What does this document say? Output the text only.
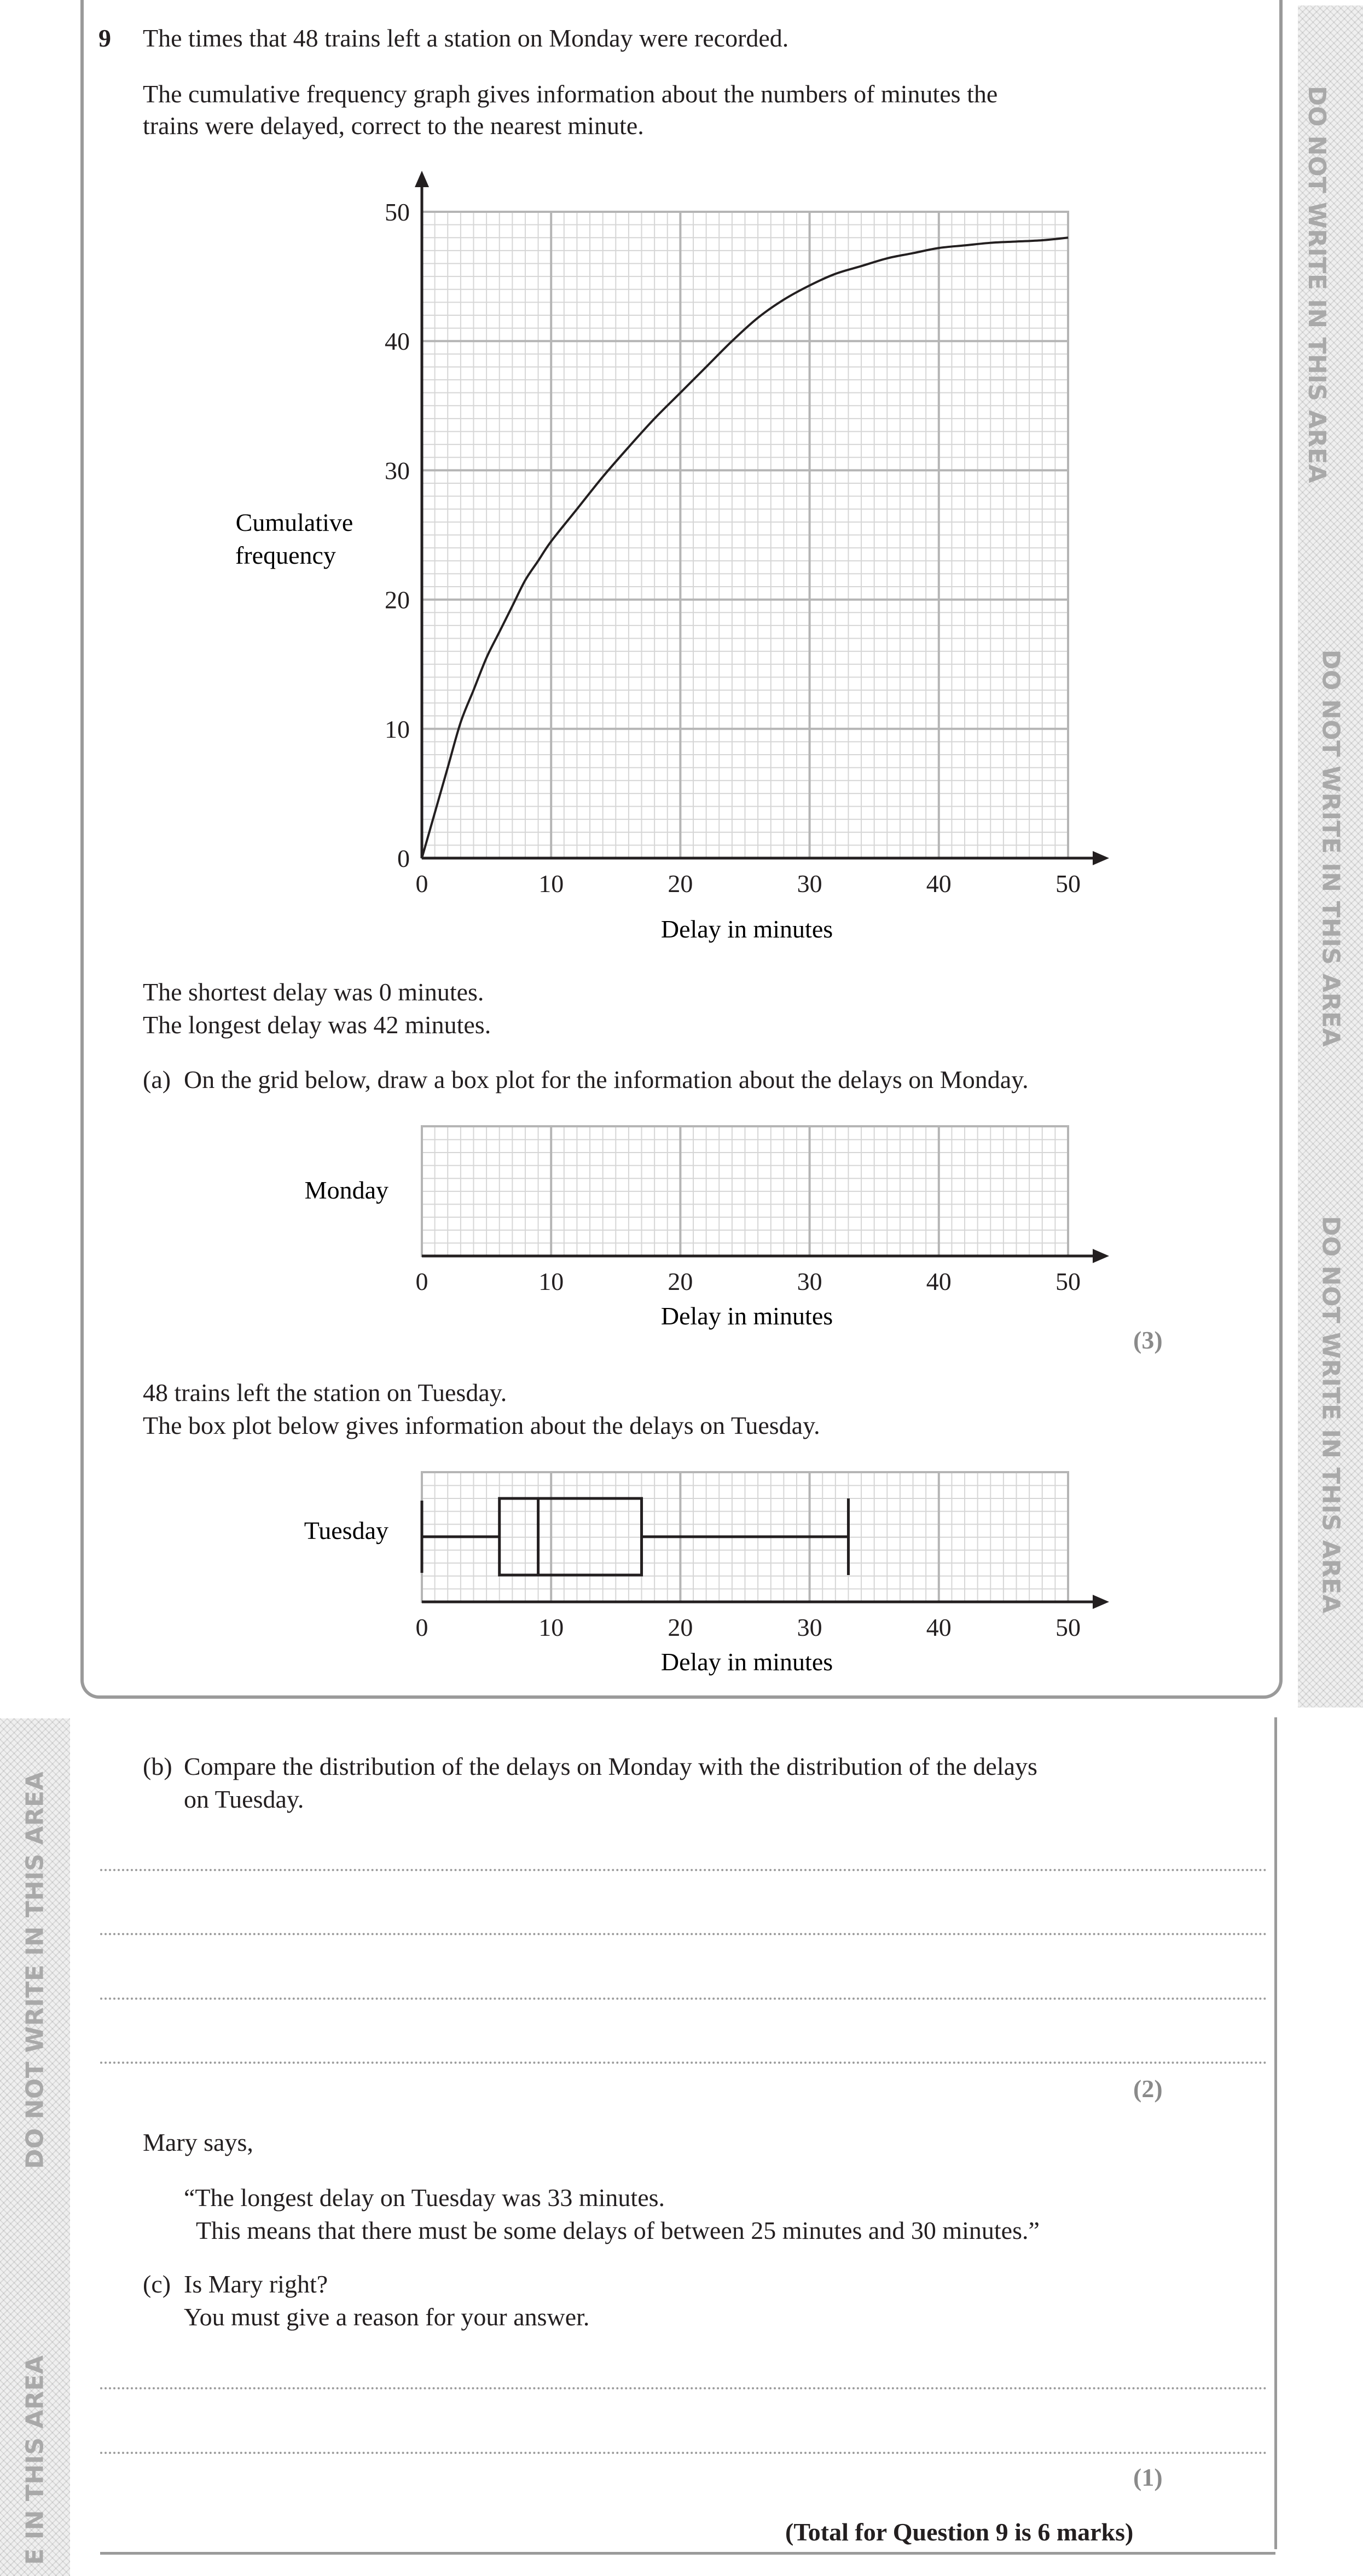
DO NOT WRITE IN THIS AREA
DO NOT WRITE IN THIS AREA
DO NOT WRITE IN THIS AREA
DO NOT WRITE IN THIS AREA
E IN THIS AREA
9 The times that 48 trains left a station on Monday were recorded.
The cumulative frequency graph gives information about the numbers of minutes the
trains were delayed, correct to the nearest minute.
0	10	20	30	40	50
0
10
20
30
40
50
Cumulative
frequency
Delay in minutes
The shortest delay was 0 minutes.
The longest delay was 42 minutes.
(a) On the grid below, draw a box plot for the information about the delays on Monday.
0	10	20	30	40	50
Monday
Delay in minutes
(3)
48 trains left the station on Tuesday.
The box plot below gives information about the delays on Tuesday.
0	10	20	30	40	50
Tuesday
Delay in minutes
(b) Compare the distribution of the delays on Monday with the distribution of the delays
on Tuesday.
(2)
Mary says,
“The longest delay on Tuesday was 33 minutes.
This means that there must be some delays of between 25 minutes and 30 minutes.”
(c) Is Mary right?
You must give a reason for your answer.
(1)
(Total for Question 9 is 6 marks)
